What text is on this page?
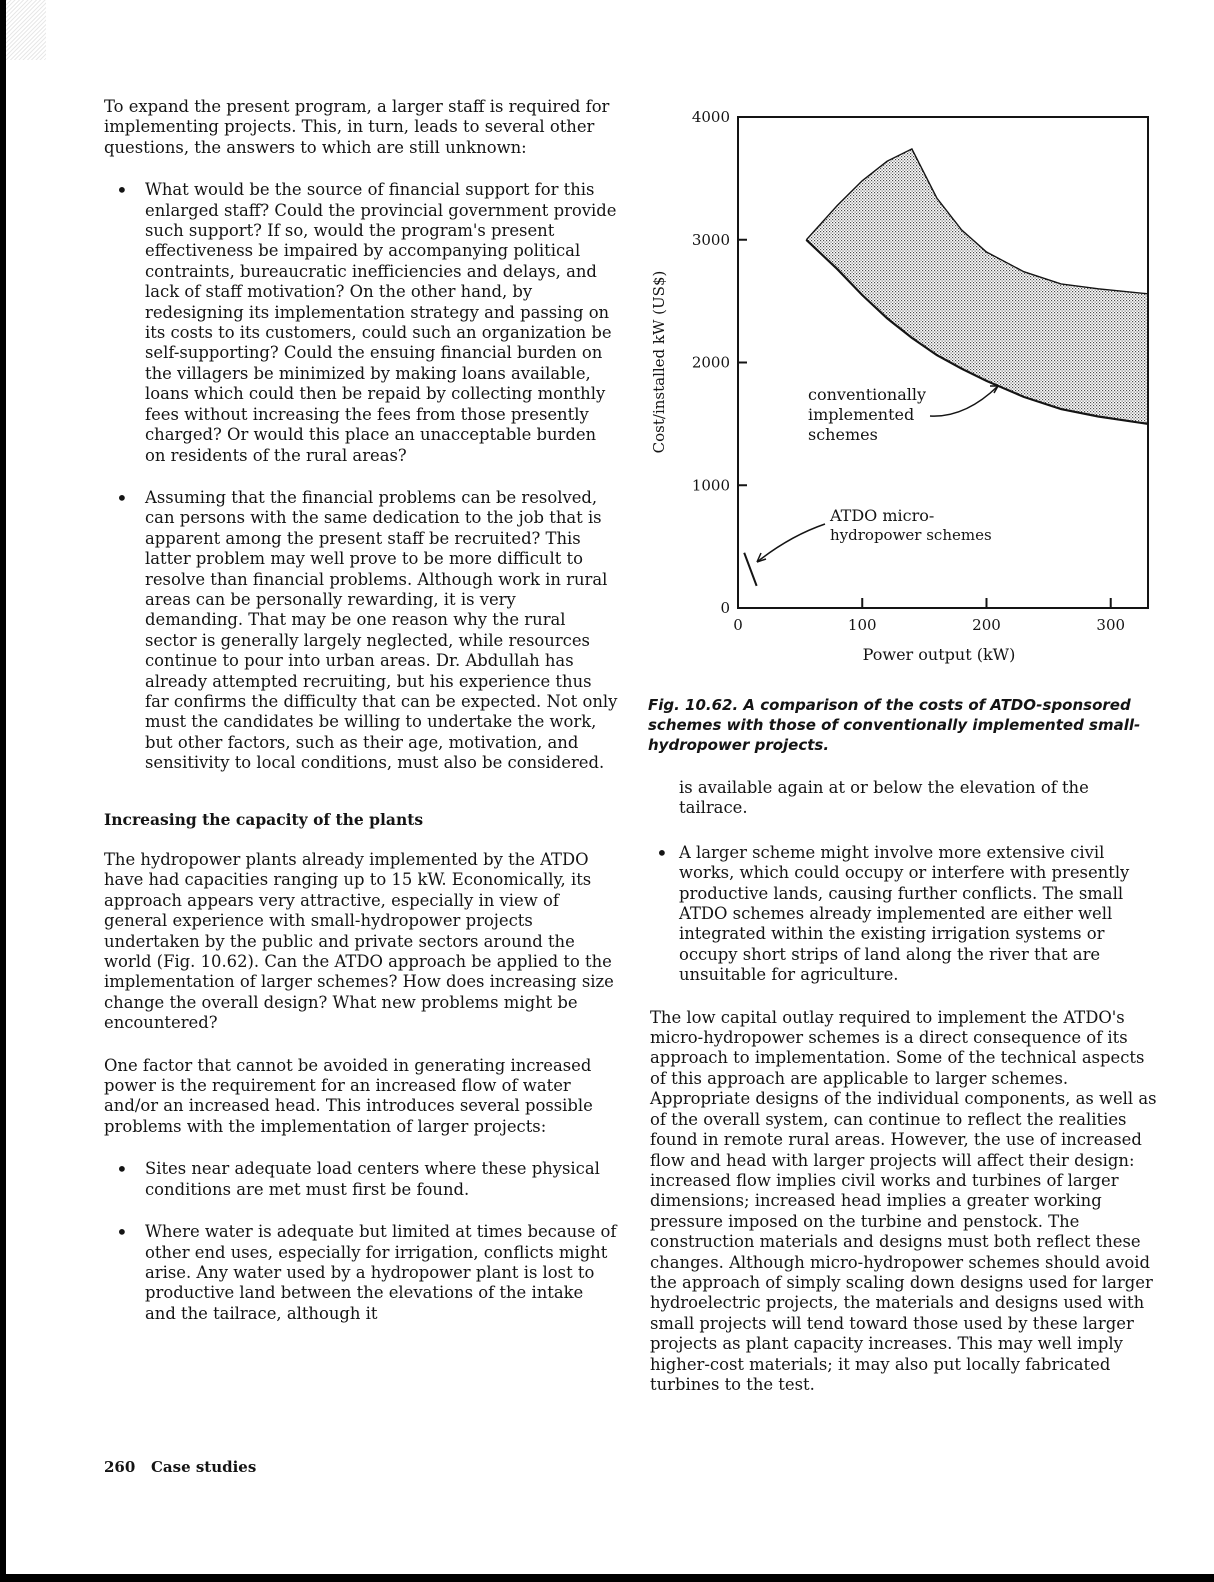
To expand the present program, a larger staff is required for implementing projects. This, in turn, leads to several other questions, the answers to which are still unknown:

• What would be the source of financial support for this enlarged staff? Could the provincial government provide such support? If so, would the program's present effectiveness be impaired by accompanying political contraints, bureaucratic inefficiencies and delays, and lack of staff motivation? On the other hand, by redesigning its implementation strategy and passing on its costs to its customers, could such an organization be self-supporting? Could the ensuing financial burden on the villagers be minimized by making loans available, loans which could then be repaid by collecting monthly fees without increasing the fees from those presently charged? Or would this place an unacceptable burden on residents of the rural areas?

• Assuming that the financial problems can be resolved, can persons with the same dedication to the job that is apparent among the present staff be recruited? This latter problem may well prove to be more difficult to resolve than financial problems. Although work in rural areas can be personally rewarding, it is very demanding. That may be one reason why the rural sector is generally largely neglected, while resources continue to pour into urban areas. Dr. Abdullah has already attempted recruiting, but his experience thus far confirms the difficulty that can be expected. Not only must the candidates be willing to undertake the work, but other factors, such as their age, motivation, and sensitivity to local conditions, must also be considered.

Increasing the capacity of the plants

The hydropower plants already implemented by the ATDO have had capacities ranging up to 15 kW. Economically, its approach appears very attractive, especially in view of general experience with small-hydropower projects undertaken by the public and private sectors around the world (Fig. 10.62). Can the ATDO approach be applied to the implementation of larger schemes? How does increasing size change the overall design? What new problems might be encountered?

One factor that cannot be avoided in generating increased power is the requirement for an increased flow of water and/or an increased head. This introduces several possible problems with the implementation of larger projects:

• Sites near adequate load centers where these physical conditions are met must first be found.

• Where water is adequate but limited at times because of other end uses, especially for irrigation, conflicts might arise. Any water used by a hydropower plant is lost to productive land between the elevations of the intake and the tailrace, although it

0
1000
2000
3000
4000
0	100	200	300
Cost/installed kW (US$)
Power output (kW)
conventionally
implemented
schemes
ATDO micro-
hydropower schemes

Fig. 10.62. A comparison of the costs of ATDO-sponsored schemes with those of conventionally implemented small-hydropower projects.

is available again at or below the elevation of the tailrace.

• A larger scheme might involve more extensive civil works, which could occupy or interfere with presently productive lands, causing further conflicts. The small ATDO schemes already implemented are either well integrated within the existing irrigation systems or occupy short strips of land along the river that are unsuitable for agriculture.

The low capital outlay required to implement the ATDO's micro-hydropower schemes is a direct consequence of its approach to implementation. Some of the technical aspects of this approach are applicable to larger schemes. Appropriate designs of the individual components, as well as of the overall system, can continue to reflect the realities found in remote rural areas. However, the use of increased flow and head with larger projects will affect their design: increased flow implies civil works and turbines of larger dimensions; increased head implies a greater working pressure imposed on the turbine and penstock. The construction materials and designs must both reflect these changes. Although micro-hydropower schemes should avoid the approach of simply scaling down designs used for larger hydroelectric projects, the materials and designs used with small projects will tend toward those used by these larger projects as plant capacity increases. This may well imply higher-cost materials; it may also put locally fabricated turbines to the test.

260   Case studies
